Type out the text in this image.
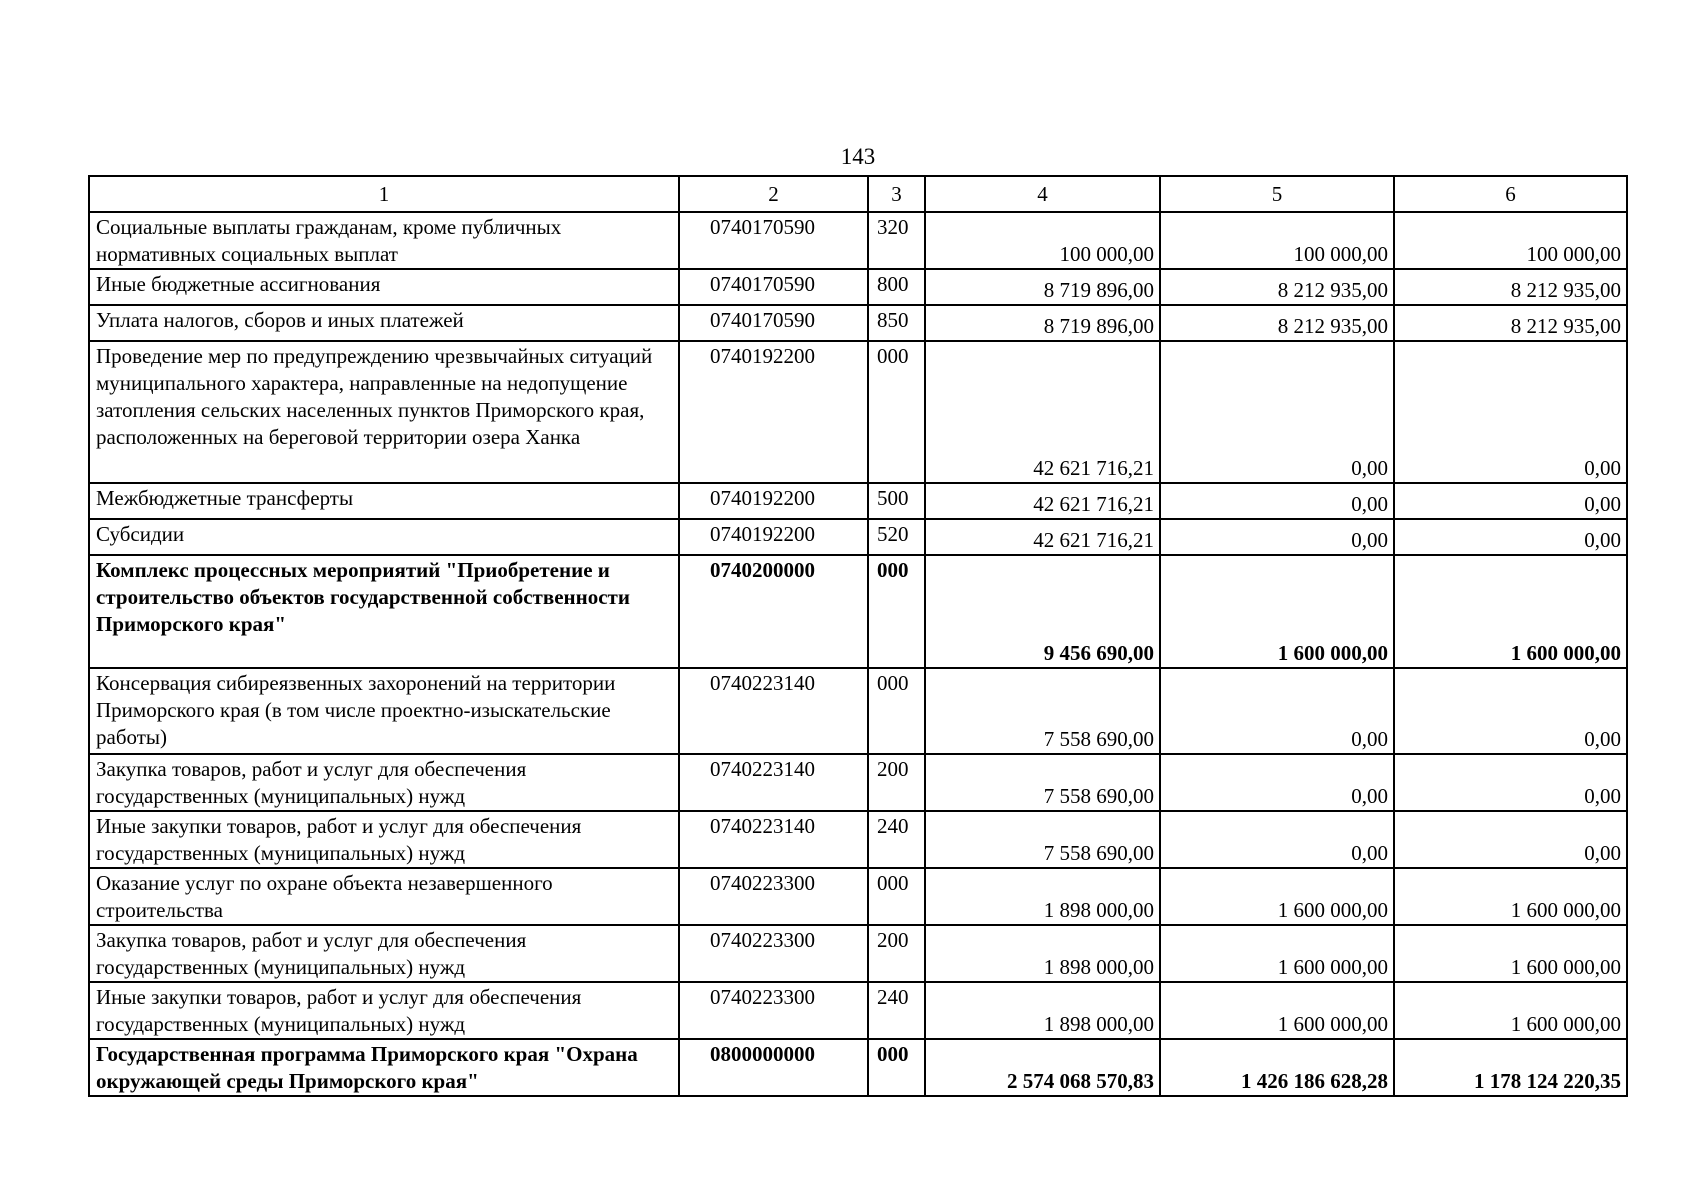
143
1	2	3	4	5	6
Социальные выплаты гражданам, кроме публичных нормативных социальных выплат	0740170590	320	100 000,00	100 000,00	100 000,00
Иные бюджетные ассигнования	0740170590	800	8 719 896,00	8 212 935,00	8 212 935,00
Уплата налогов, сборов и иных платежей	0740170590	850	8 719 896,00	8 212 935,00	8 212 935,00
Проведение мер по предупреждению чрезвычайных ситуаций муниципального характера, направленные на недопущение затопления сельских населенных пунктов Приморского края, расположенных на береговой территории озера Ханка	0740192200	000	42 621 716,21	0,00	0,00
Межбюджетные трансферты	0740192200	500	42 621 716,21	0,00	0,00
Субсидии	0740192200	520	42 621 716,21	0,00	0,00
Комплекс процессных мероприятий "Приобретение и строительство объектов государственной собственности Приморского края"	0740200000	000	9 456 690,00	1 600 000,00	1 600 000,00
Консервация сибиреязвенных захоронений на территории Приморского края (в том числе проектно-изыскательские работы)	0740223140	000	7 558 690,00	0,00	0,00
Закупка товаров, работ и услуг для обеспечения государственных (муниципальных) нужд	0740223140	200	7 558 690,00	0,00	0,00
Иные закупки товаров, работ и услуг для обеспечения государственных (муниципальных) нужд	0740223140	240	7 558 690,00	0,00	0,00
Оказание услуг по охране объекта незавершенного строительства	0740223300	000	1 898 000,00	1 600 000,00	1 600 000,00
Закупка товаров, работ и услуг для обеспечения государственных (муниципальных) нужд	0740223300	200	1 898 000,00	1 600 000,00	1 600 000,00
Иные закупки товаров, работ и услуг для обеспечения государственных (муниципальных) нужд	0740223300	240	1 898 000,00	1 600 000,00	1 600 000,00
Государственная программа Приморского края "Охрана окружающей среды Приморского края"	0800000000	000	2 574 068 570,83	1 426 186 628,28	1 178 124 220,35
